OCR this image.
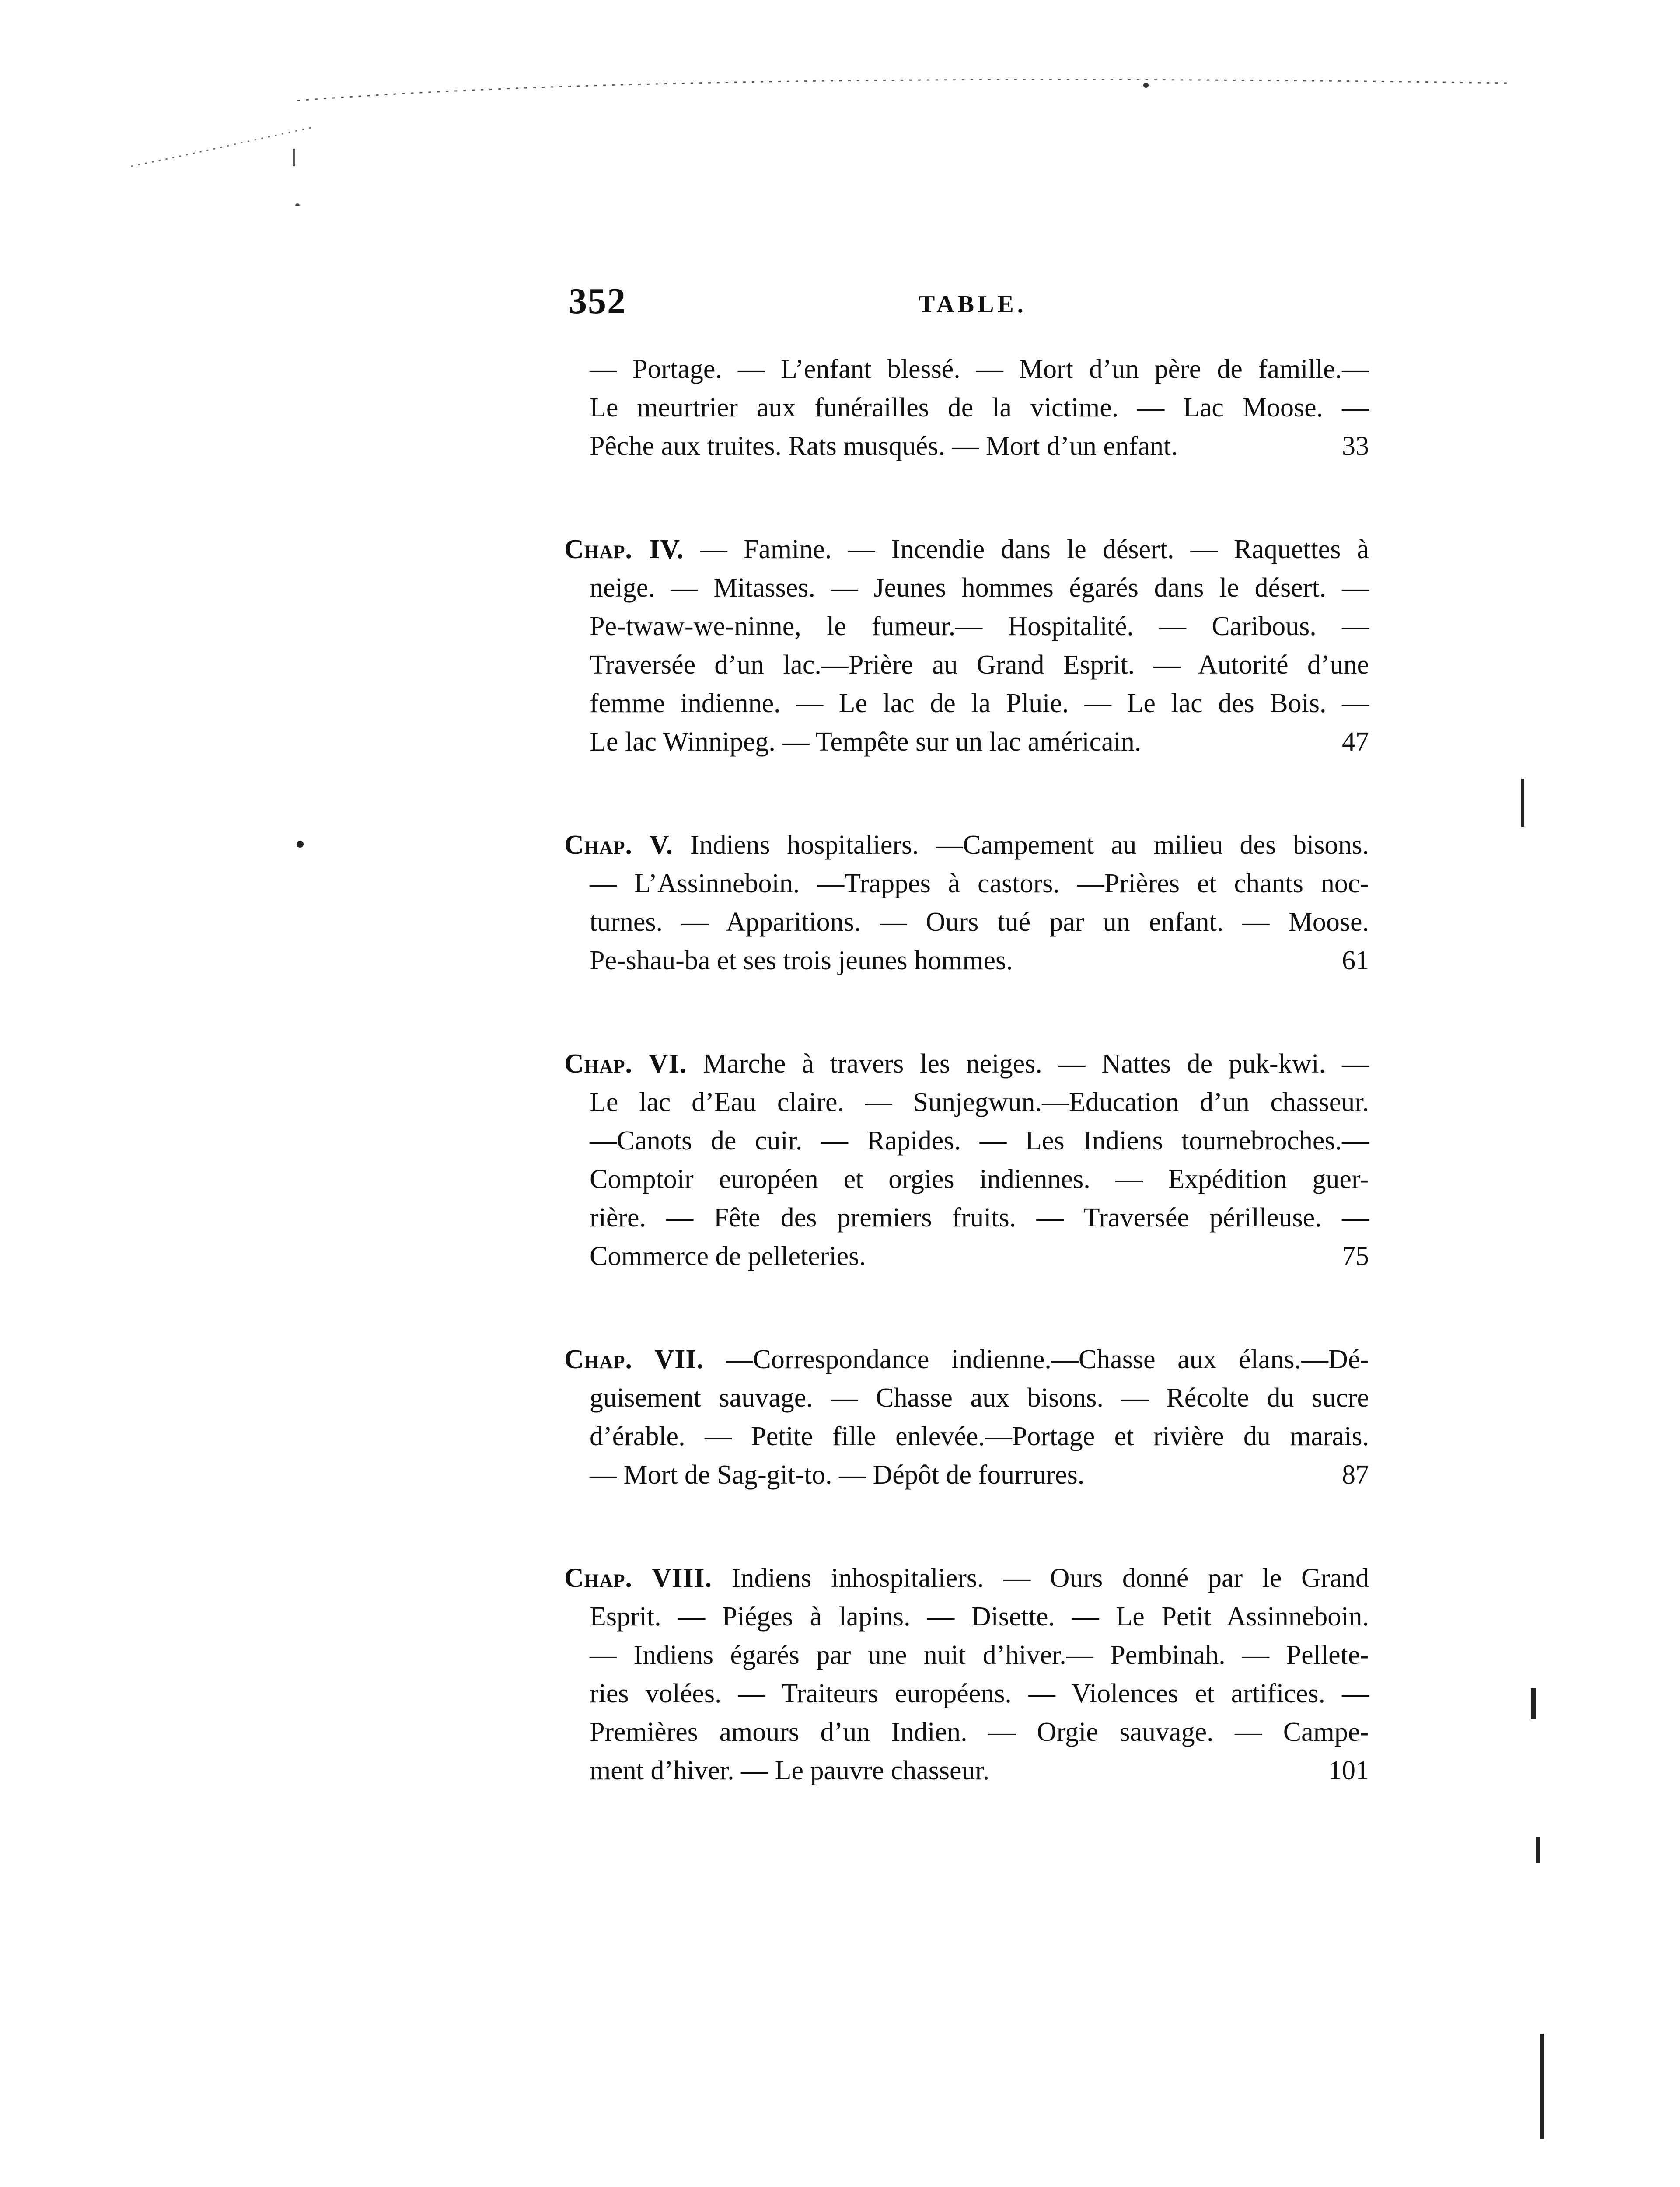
352	TABLE.
— Portage. — L’enfant blessé. — Mort d’un père de famille.—
Le meurtrier aux funérailles de la victime. — Lac Moose. —
Pêche aux truites. Rats musqués. — Mort d’un enfant.	33
Chap. IV. — Famine. — Incendie dans le désert. — Raquettes à
neige. — Mitasses. — Jeunes hommes égarés dans le désert. —
Pe-twaw-we-ninne, le fumeur.— Hospitalité. — Caribous. —
Traversée d’un lac.—Prière au Grand Esprit. — Autorité d’une
femme indienne. — Le lac de la Pluie. — Le lac des Bois. —
Le lac Winnipeg. — Tempête sur un lac américain.	47
Chap. V. Indiens hospitaliers. —Campement au milieu des bisons.
— L’Assinneboin. —Trappes à castors. —Prières et chants noc-
turnes. — Apparitions. — Ours tué par un enfant. — Moose.
Pe-shau-ba et ses trois jeunes hommes.	61
Chap. VI. Marche à travers les neiges. — Nattes de puk-kwi. —
Le lac d’Eau claire. — Sunjegwun.—Education d’un chasseur.
—Canots de cuir. — Rapides. — Les Indiens tournebroches.—
Comptoir européen et orgies indiennes. — Expédition guer-
rière. — Fête des premiers fruits. — Traversée périlleuse. —
Commerce de pelleteries.	75
Chap. VII. —Correspondance indienne.—Chasse aux élans.—Dé-
guisement sauvage. — Chasse aux bisons. — Récolte du sucre
d’érable. — Petite fille enlevée.—Portage et rivière du marais.
— Mort de Sag-git-to. — Dépôt de fourrures.	87
Chap. VIII. Indiens inhospitaliers. — Ours donné par le Grand
Esprit. — Piéges à lapins. — Disette. — Le Petit Assinneboin.
— Indiens égarés par une nuit d’hiver.— Pembinah. — Pellete-
ries volées. — Traiteurs européens. — Violences et artifices. —
Premières amours d’un Indien. — Orgie sauvage. — Campe-
ment d’hiver. — Le pauvre chasseur.	101
